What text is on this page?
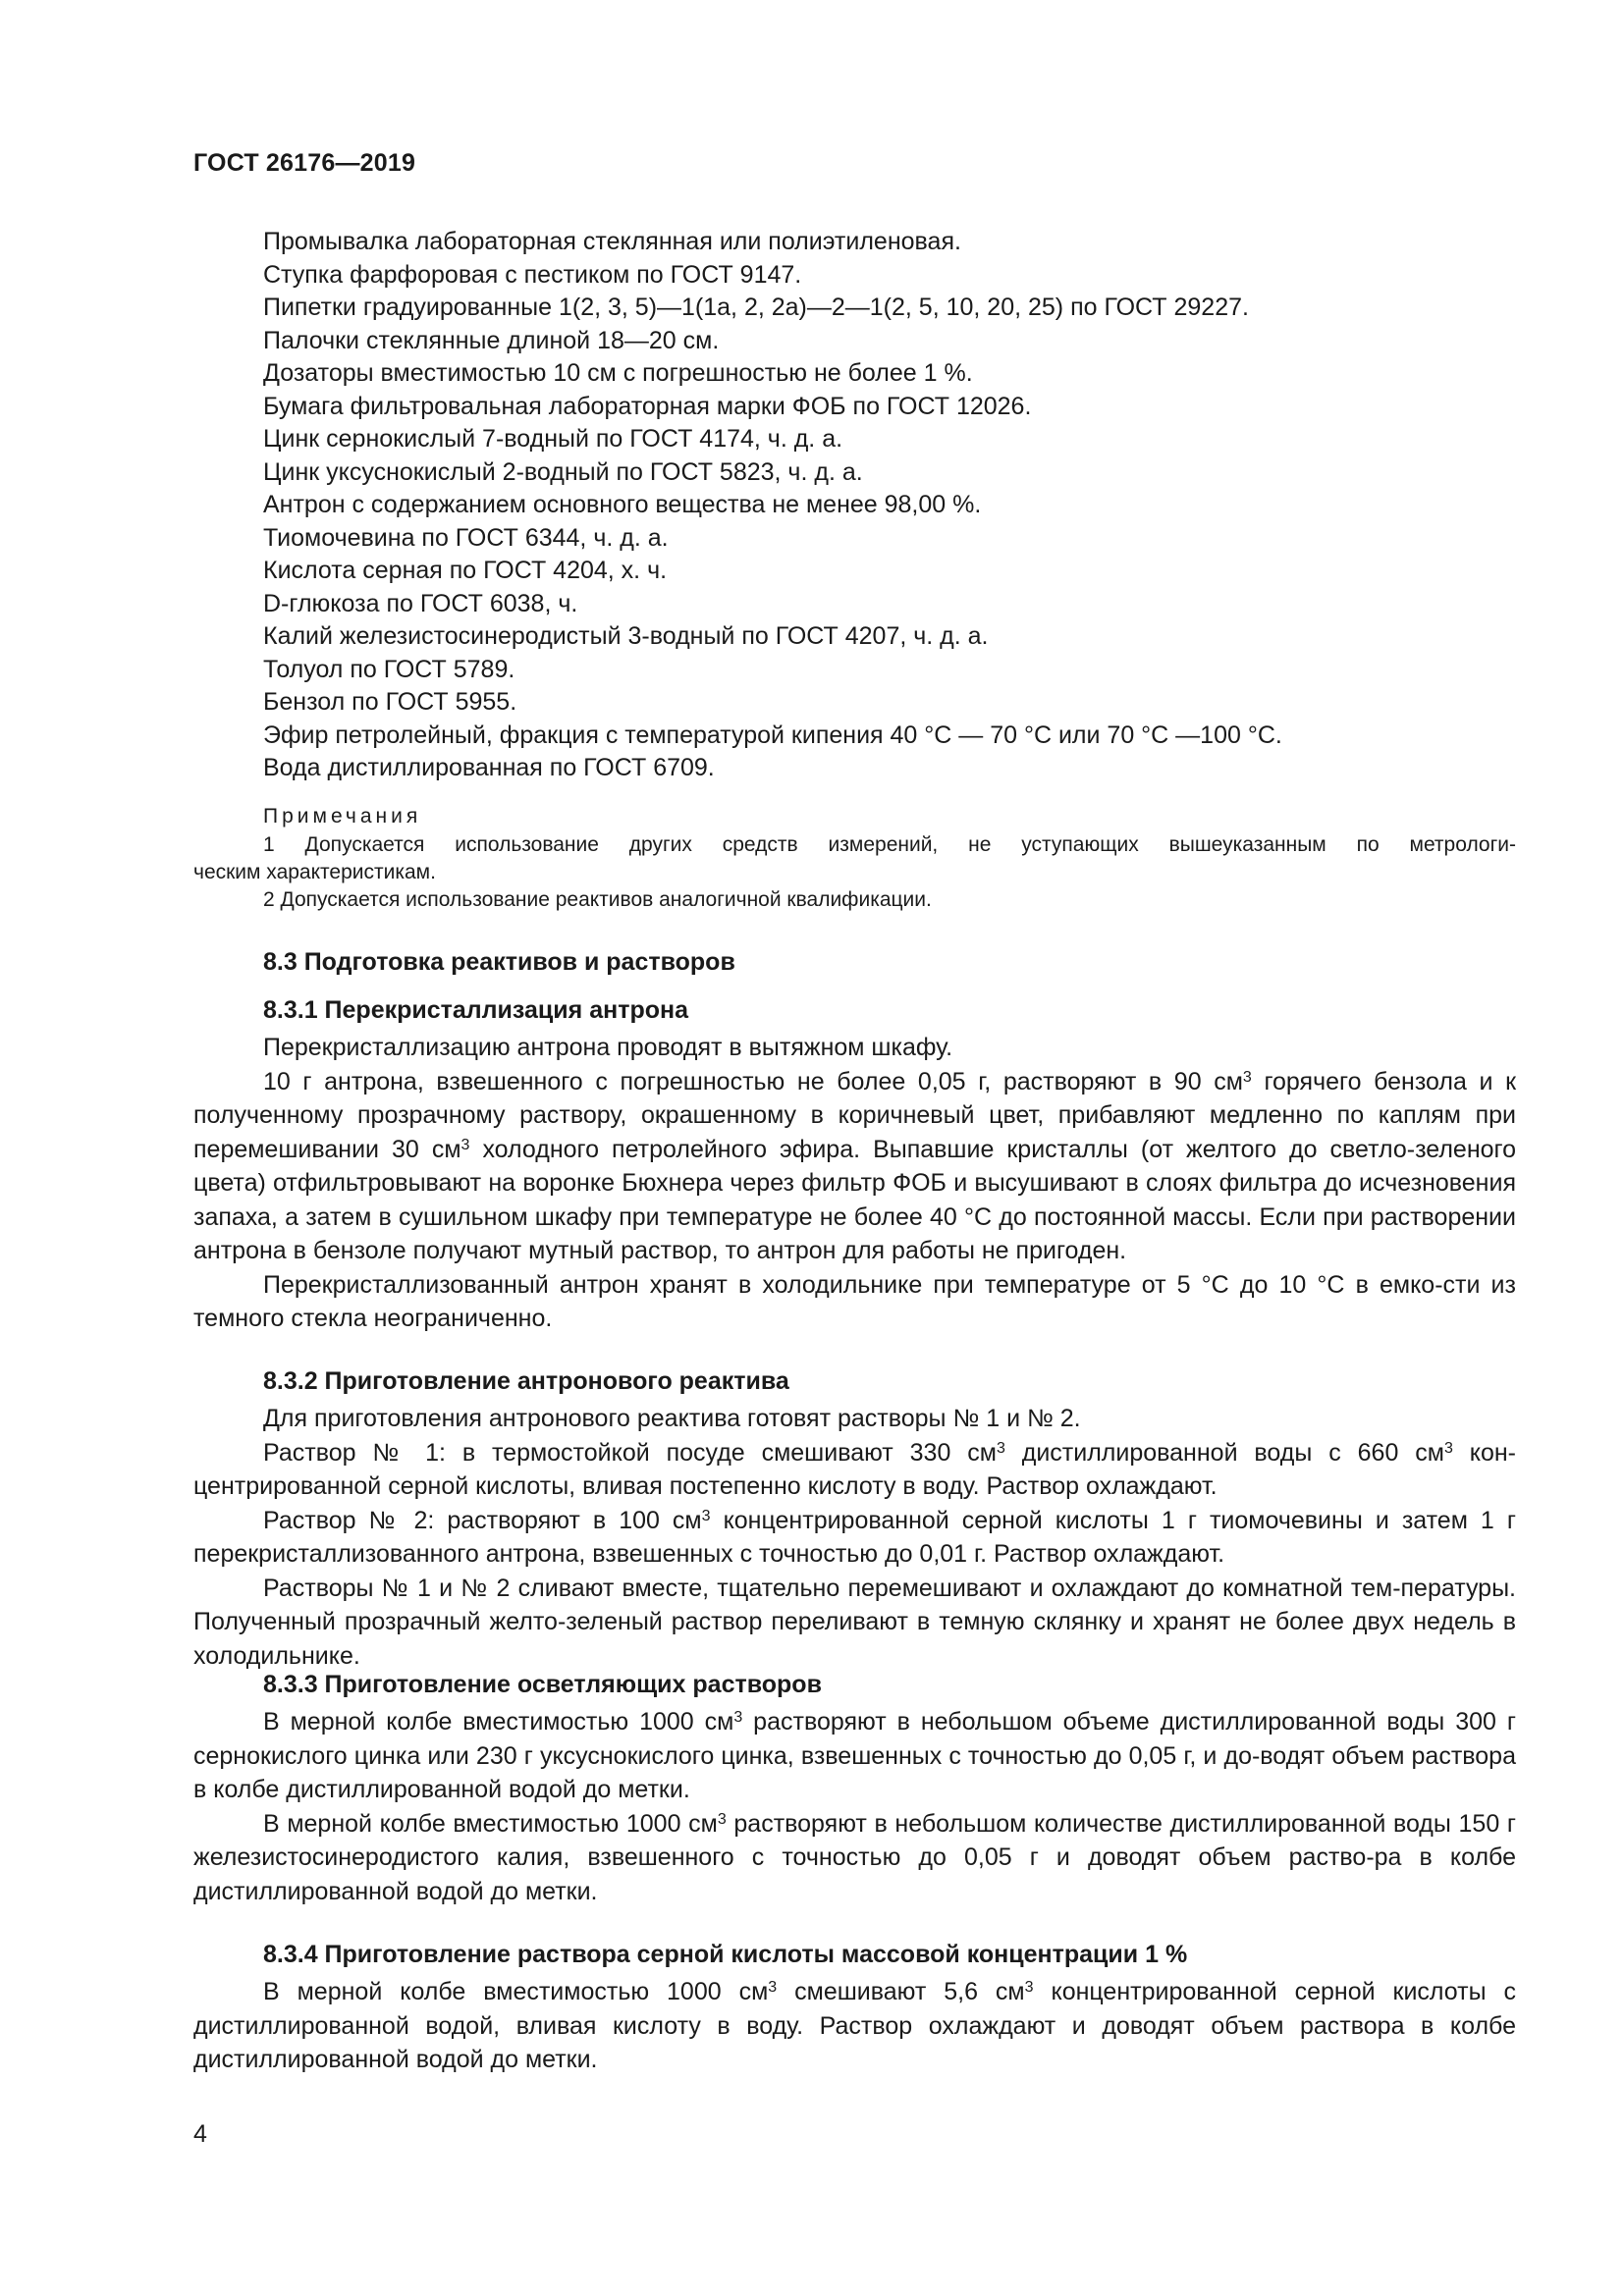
ГОСТ 26176—2019
Промывалка лабораторная стеклянная или полиэтиленовая.
Ступка фарфоровая с пестиком по ГОСТ 9147.
Пипетки градуированные 1(2, 3, 5)—1(1а, 2, 2а)—2—1(2, 5, 10, 20, 25) по ГОСТ 29227.
Палочки стеклянные длиной 18—20 см.
Дозаторы вместимостью 10 см с погрешностью не более 1 %.
Бумага фильтровальная лабораторная марки ФОБ по ГОСТ 12026.
Цинк сернокислый 7-водный по ГОСТ 4174, ч. д. а.
Цинк уксуснокислый 2-водный по ГОСТ 5823, ч. д. а.
Антрон с содержанием основного вещества не менее 98,00 %.
Тиомочевина по ГОСТ 6344, ч. д. а.
Кислота серная по ГОСТ 4204, х. ч.
D-глюкоза по ГОСТ 6038, ч.
Калий железистосинеродистый 3-водный по ГОСТ 4207, ч. д. а.
Толуол по ГОСТ 5789.
Бензол по ГОСТ 5955.
Эфир петролейный, фракция с температурой кипения 40 °С — 70 °С или 70 °С —100 °С.
Вода дистиллированная по ГОСТ 6709.
Примечания
1 Допускается использование других средств измерений, не уступающих вышеуказанным по метрологи-
ческим характеристикам.
2 Допускается использование реактивов аналогичной квалификации.
8.3 Подготовка реактивов и растворов
8.3.1 Перекристаллизация антрона

Перекристаллизацию антрона проводят в вытяжном шкафу.

10 г антрона, взвешенного с погрешностью не более 0,05 г, растворяют в 90 $см^3$ горячего бензола и к полученному прозрачному раствору, окрашенному в коричневый цвет, прибавляют медленно по каплям при перемешивании 30 $см^3$ холодного петролейного эфира. Выпавшие кристаллы (от желтого до светло-зеленого цвета) отфильтровывают на воронке Бюхнера через фильтр ФОБ и высушивают в слоях фильтра до исчезновения запаха, а затем в сушильном шкафу при температуре не более 40 °С до постоянной массы. Если при растворении антрона в бензоле получают мутный раствор, то антрон для работы не пригоден.

Перекристаллизованный антрон хранят в холодильнике при температуре от 5 °С до 10 °С в емко-сти из темного стекла неограниченно.

8.3.2 Приготовление антронового реактива

Для приготовления антронового реактива готовят растворы № 1 и № 2.

Раствор № 1: в термостойкой посуде смешивают 330 $см^3$ дистиллированной воды с 660 $см^3$ кон-центрированной серной кислоты, вливая постепенно кислоту в воду. Раствор охлаждают.

Раствор № 2: растворяют в 100 $см^3$ концентрированной серной кислоты 1 г тиомочевины и затем 1 г перекристаллизованного антрона, взвешенных с точностью до 0,01 г. Раствор охлаждают.

Растворы № 1 и № 2 сливают вместе, тщательно перемешивают и охлаждают до комнатной тем-пературы. Полученный прозрачный желто-зеленый раствор переливают в темную склянку и хранят не более двух недель в холодильнике.

8.3.3 Приготовление осветляющих растворов

В мерной колбе вместимостью 1000 $см^3$ растворяют в небольшом объеме дистиллированной воды 300 г сернокислого цинка или 230 г уксуснокислого цинка, взвешенных с точностью до 0,05 г, и до-водят объем раствора в колбе дистиллированной водой до метки.

В мерной колбе вместимостью 1000 $см^3$ растворяют в небольшом количестве дистиллированной воды 150 г железистосинеродистого калия, взвешенного с точностью до 0,05 г и доводят объем раство-ра в колбе дистиллированной водой до метки.

8.3.4 Приготовление раствора серной кислоты массовой концентрации 1 %

В мерной колбе вместимостью 1000 $см^3$ смешивают 5,6 $см^3$ концентрированной серной кислоты с дистиллированной водой, вливая кислоту в воду. Раствор охлаждают и доводят объем раствора в колбе дистиллированной водой до метки.

4
